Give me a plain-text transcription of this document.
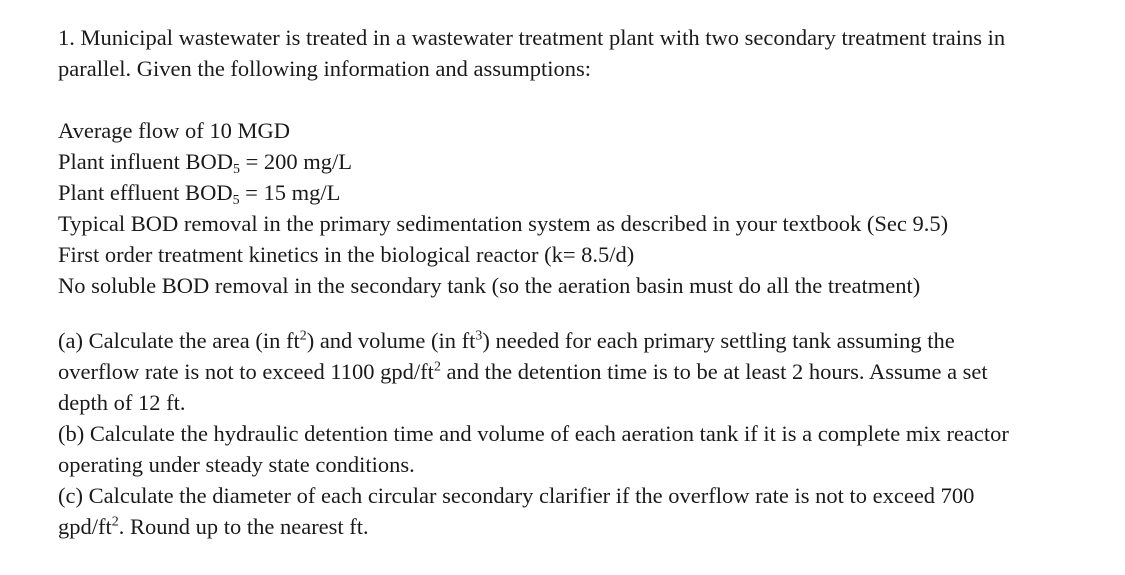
1. Municipal wastewater is treated in a wastewater treatment plant with two secondary treatment trains in

parallel. Given the following information and assumptions:

Average flow of 10 MGD

Plant influent $BOD_5 = 200$ mg/L

Plant effluent $BOD_5 = 15$ mg/L

Typical BOD removal in the primary sedimentation system as described in your textbook (Sec 9.5)

First order treatment kinetics in the biological reactor (k= 8.5/d)

No soluble BOD removal in the secondary tank (so the aeration basin must do all the treatment)

(a) Calculate the area (in $ft^2$) and volume (in $ft^3$) needed for each primary settling tank assuming the

overflow rate is not to exceed 1100 gpd/$ft^2$ and the detention time is to be at least 2 hours. Assume a set

depth of 12 ft.

(b) Calculate the hydraulic detention time and volume of each aeration tank if it is a complete mix reactor

operating under steady state conditions.

(c) Calculate the diameter of each circular secondary clarifier if the overflow rate is not to exceed 700

gpd/$ft^2$. Round up to the nearest ft.
